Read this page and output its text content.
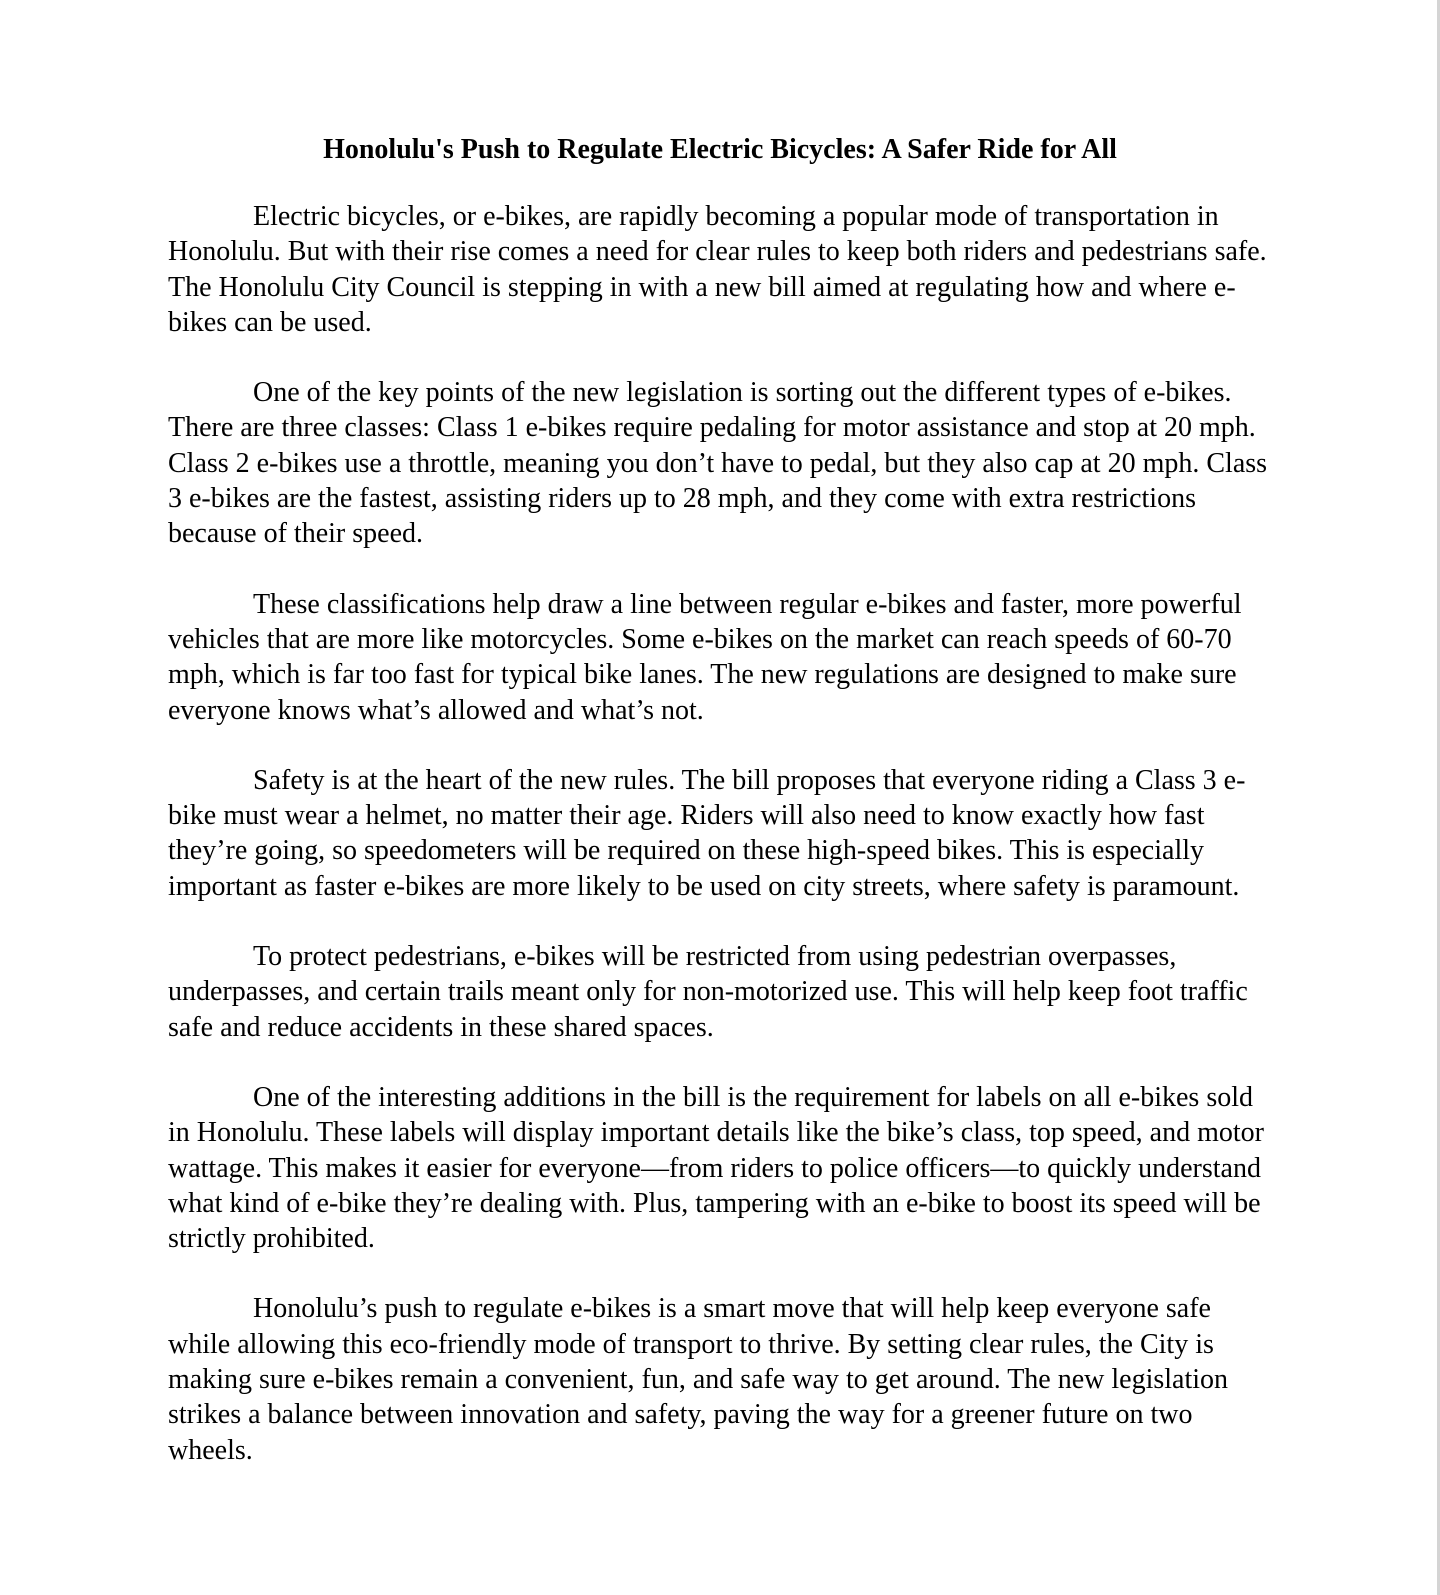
Honolulu's Push to Regulate Electric Bicycles: A Safer Ride for All

Electric bicycles, or e-bikes, are rapidly becoming a popular mode of transportation in Honolulu. But with their rise comes a need for clear rules to keep both riders and pedestrians safe. The Honolulu City Council is stepping in with a new bill aimed at regulating how and where e-bikes can be used.

One of the key points of the new legislation is sorting out the different types of e-bikes. There are three classes: Class 1 e-bikes require pedaling for motor assistance and stop at 20 mph. Class 2 e-bikes use a throttle, meaning you don’t have to pedal, but they also cap at 20 mph. Class 3 e-bikes are the fastest, assisting riders up to 28 mph, and they come with extra restrictions because of their speed.

These classifications help draw a line between regular e-bikes and faster, more powerful vehicles that are more like motorcycles. Some e-bikes on the market can reach speeds of 60-70 mph, which is far too fast for typical bike lanes. The new regulations are designed to make sure everyone knows what’s allowed and what’s not.

Safety is at the heart of the new rules. The bill proposes that everyone riding a Class 3 e-bike must wear a helmet, no matter their age. Riders will also need to know exactly how fast they’re going, so speedometers will be required on these high-speed bikes. This is especially important as faster e-bikes are more likely to be used on city streets, where safety is paramount.

To protect pedestrians, e-bikes will be restricted from using pedestrian overpasses, underpasses, and certain trails meant only for non-motorized use. This will help keep foot traffic safe and reduce accidents in these shared spaces.

One of the interesting additions in the bill is the requirement for labels on all e-bikes sold in Honolulu. These labels will display important details like the bike’s class, top speed, and motor wattage. This makes it easier for everyone—from riders to police officers—to quickly understand what kind of e-bike they’re dealing with. Plus, tampering with an e-bike to boost its speed will be strictly prohibited.

Honolulu’s push to regulate e-bikes is a smart move that will help keep everyone safe while allowing this eco-friendly mode of transport to thrive. By setting clear rules, the City is making sure e-bikes remain a convenient, fun, and safe way to get around. The new legislation strikes a balance between innovation and safety, paving the way for a greener future on two wheels.
